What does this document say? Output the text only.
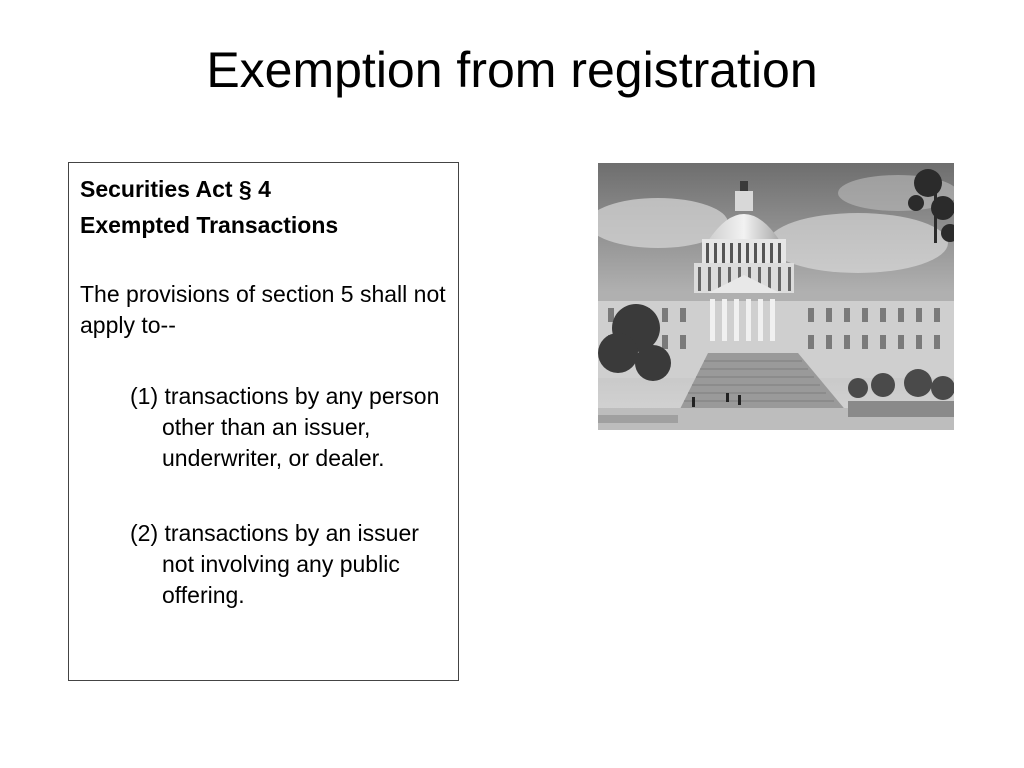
Exemption from registration

Securities Act § 4

Exempted Transactions

The provisions of section 5 shall not apply to--

(1) transactions by any person other than an issuer, underwriter, or dealer.

(2) transactions by an issuer not involving any public offering.
